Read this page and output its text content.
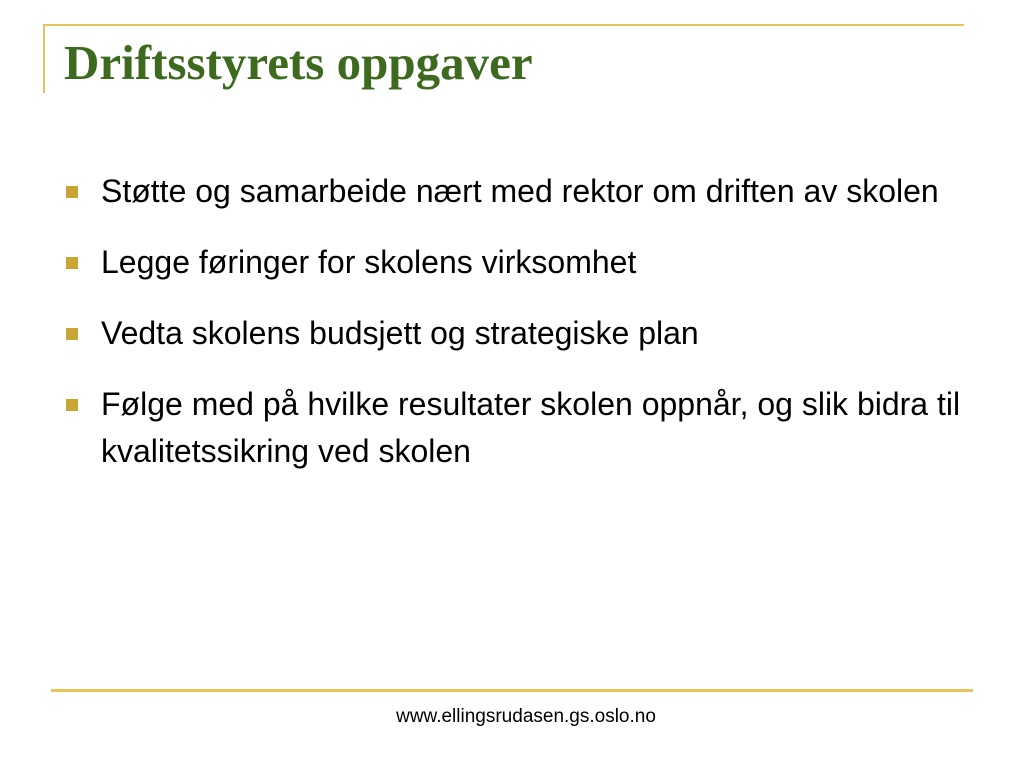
Driftsstyrets oppgaver
Støtte og samarbeide nært med rektor om driften av skolen
Legge føringer for skolens virksomhet
Vedta skolens budsjett og strategiske plan
Følge med på hvilke resultater skolen oppnår, og slik bidra til kvalitetssikring ved skolen
www.ellingsrudasen.gs.oslo.no
